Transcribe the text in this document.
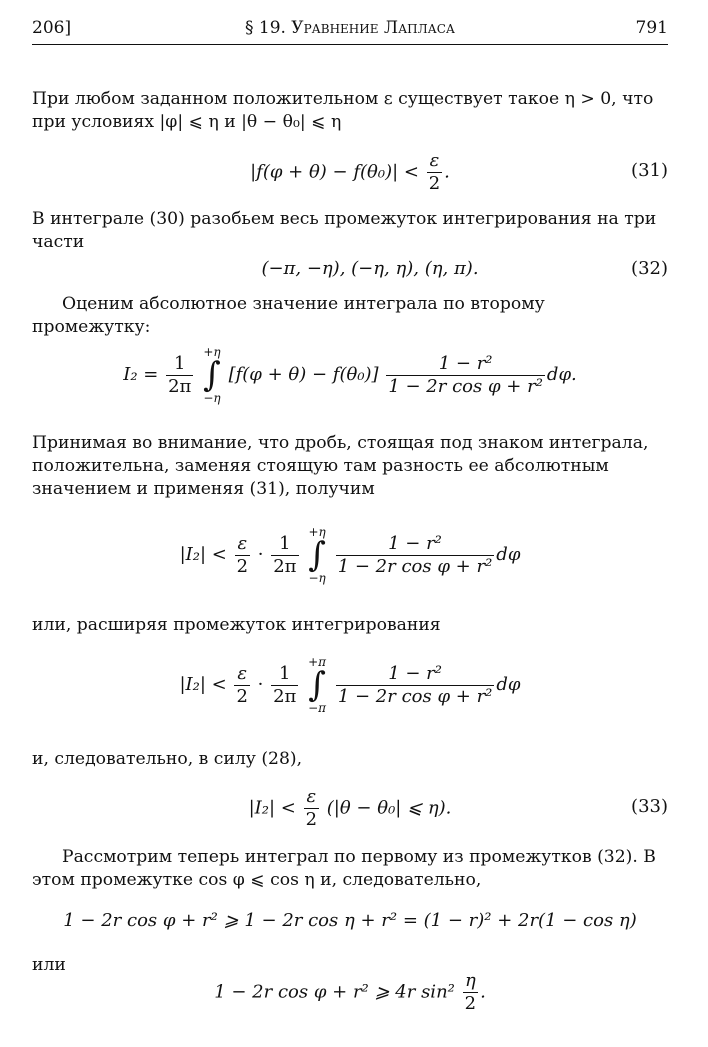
206]	§ 19. Уравнение Лапласа	791
При любом заданном положительном ε существует такое η > 0, что при условиях |φ| ⩽ η и |θ − θ₀| ⩽ η
$|f(\varphi + \theta) - f(\theta_0)| < \frac{\varepsilon}{2}$ .	(31)
В интеграле (30) разобьем весь промежуток интегрирования на три части
(−π, −η), (−η, η), (η, π).	(32)
Оценим абсолютное значение интеграла по второму промежутку:
$I_2 = \frac{1}{2\pi}$

+η
∫
−η
$[f(\varphi + \theta) - f(\theta_0)] \frac{\text{1 − r²}}{\text{1 − 2r cos φ + r²}} d\varphi$.
Принимая во внимание, что дробь, стоящая под знаком интеграла, положительна, заменяя стоящую там разность ее абсолютным значением и применяя (31), получим
$|I_2| < \frac{\varepsilon}{2} \cdot \frac{1}{2\pi}$

+η
∫
−η

$\frac{\text{1 − r²}}{\text{1 − 2r cos φ + r²}}$ dφ
или, расширяя промежуток интегрирования
$|I_2| < \frac{\varepsilon}{2} \cdot \frac{1}{2\pi}$

+π
∫
−π

$\frac{\text{1 − r²}}{\text{1 − 2r cos φ + r²}}$ dφ
и, следовательно, в силу (28),
$|I_2| < \frac{\varepsilon}{2} (|\theta - \theta_0|$ ⩽ η).	(33)
Рассмотрим теперь интеграл по первому из промежутков (32). В этом промежутке cos φ ⩽ cos η и, следовательно,
1 − 2r cos φ + r² ⩾ 1 − 2r cos η + r² = (1 − r)² + 2r(1 − cos η)
или
1 − 2r cos φ + r² ⩾ 4r $\sin^2 \frac{\eta}{2}$ .
